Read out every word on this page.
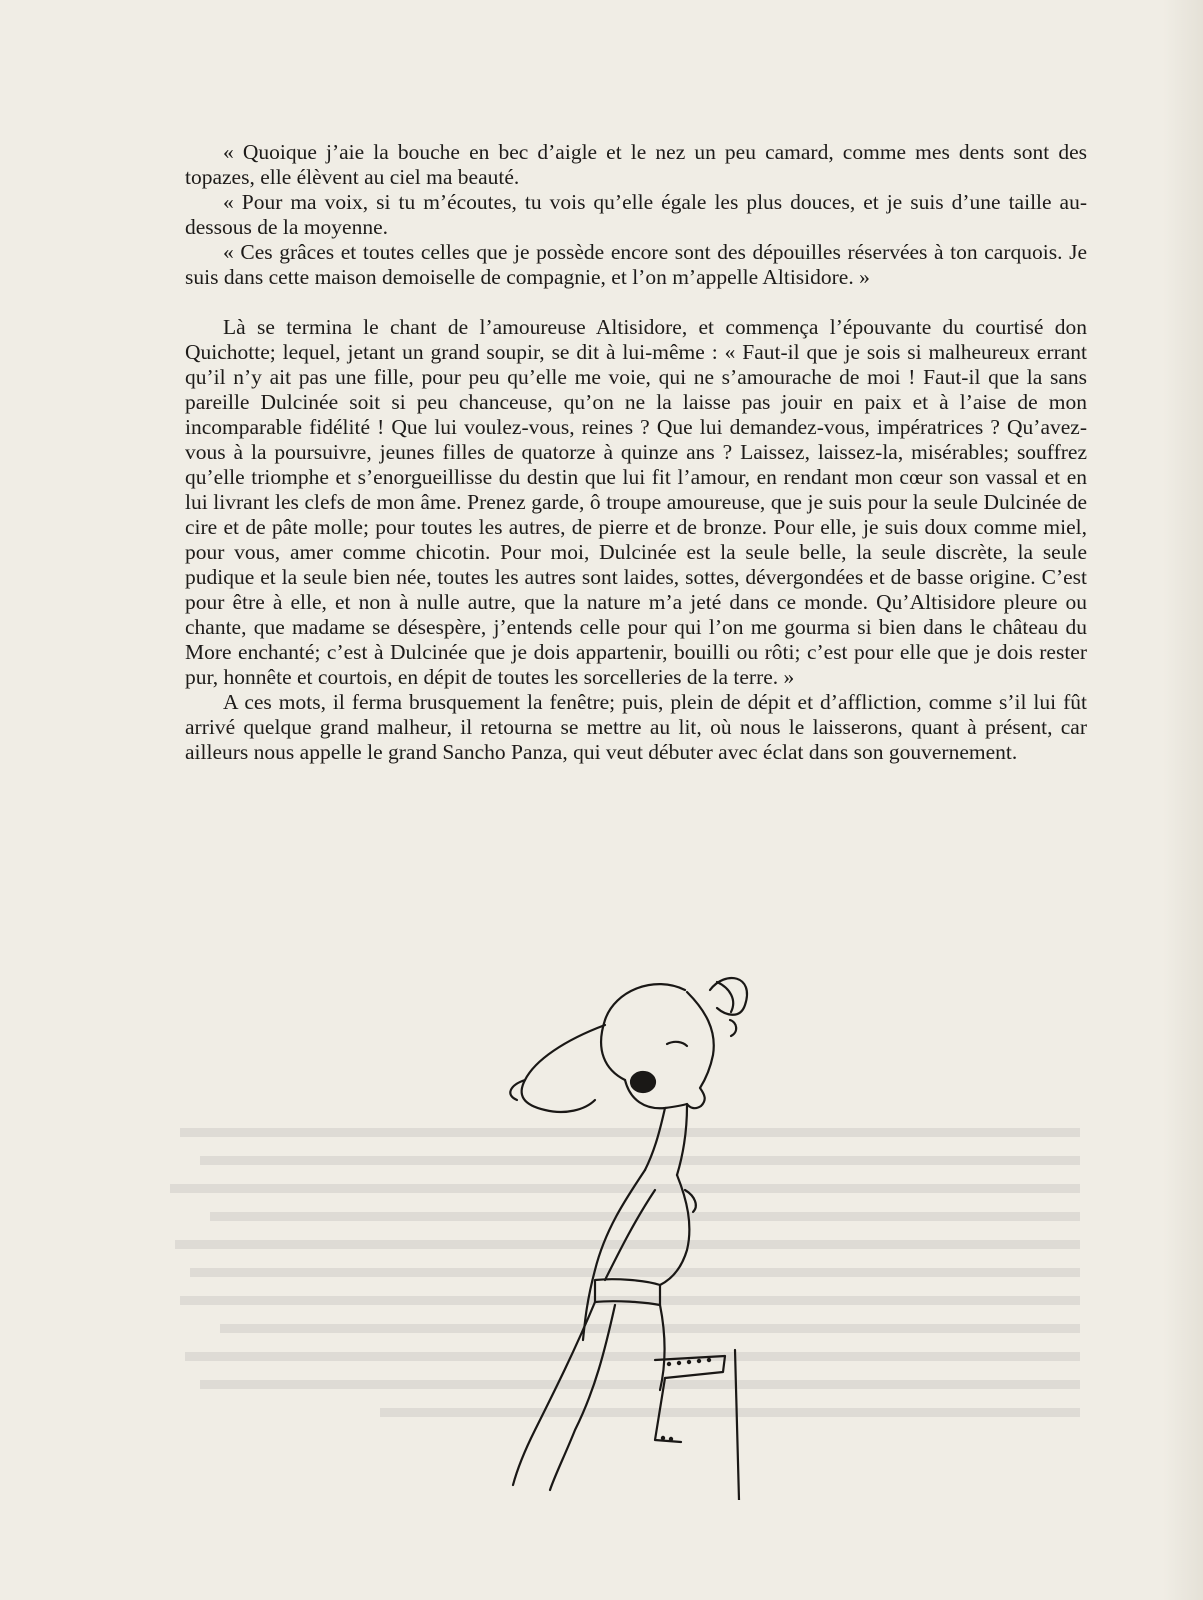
« Quoique j’aie la bouche en bec d’aigle et le nez un peu camard, comme mes dents sont des topazes, elle élèvent au ciel ma beauté.

« Pour ma voix, si tu m’écoutes, tu vois qu’elle égale les plus douces, et je suis d’une taille au-dessous de la moyenne.

« Ces grâces et toutes celles que je possède encore sont des dépouilles réservées à ton carquois. Je suis dans cette maison demoiselle de compagnie, et l’on m’appelle Altisidore. »

Là se termina le chant de l’amoureuse Altisidore, et commença l’épouvante du courtisé don Quichotte; lequel, jetant un grand soupir, se dit à lui-même : « Faut-il que je sois si malheureux errant qu’il n’y ait pas une fille, pour peu qu’elle me voie, qui ne s’amourache de moi ! Faut-il que la sans pareille Dulcinée soit si peu chanceuse, qu’on ne la laisse pas jouir en paix et à l’aise de mon incomparable fidélité ! Que lui voulez-vous, reines ? Que lui demandez-vous, impératrices ? Qu’avez-vous à la poursuivre, jeunes filles de quatorze à quinze ans ? Laissez, laissez-la, misérables; souffrez qu’elle triomphe et s’enorgueillisse du destin que lui fit l’amour, en rendant mon cœur son vassal et en lui livrant les clefs de mon âme. Prenez garde, ô troupe amoureuse, que je suis pour la seule Dulcinée de cire et de pâte molle; pour toutes les autres, de pierre et de bronze. Pour elle, je suis doux comme miel, pour vous, amer comme chicotin. Pour moi, Dulcinée est la seule belle, la seule discrète, la seule pudique et la seule bien née, toutes les autres sont laides, sottes, dévergondées et de basse origine. C’est pour être à elle, et non à nulle autre, que la nature m’a jeté dans ce monde. Qu’Altisidore pleure ou chante, que madame se désespère, j’entends celle pour qui l’on me gourma si bien dans le château du More enchanté; c’est à Dulcinée que je dois appartenir, bouilli ou rôti; c’est pour elle que je dois rester pur, honnête et courtois, en dépit de toutes les sorcelleries de la terre. »

A ces mots, il ferma brusquement la fenêtre; puis, plein de dépit et d’affliction, comme s’il lui fût arrivé quelque grand malheur, il retourna se mettre au lit, où nous le laisserons, quant à présent, car ailleurs nous appelle le grand Sancho Panza, qui veut débuter avec éclat dans son gouvernement.
